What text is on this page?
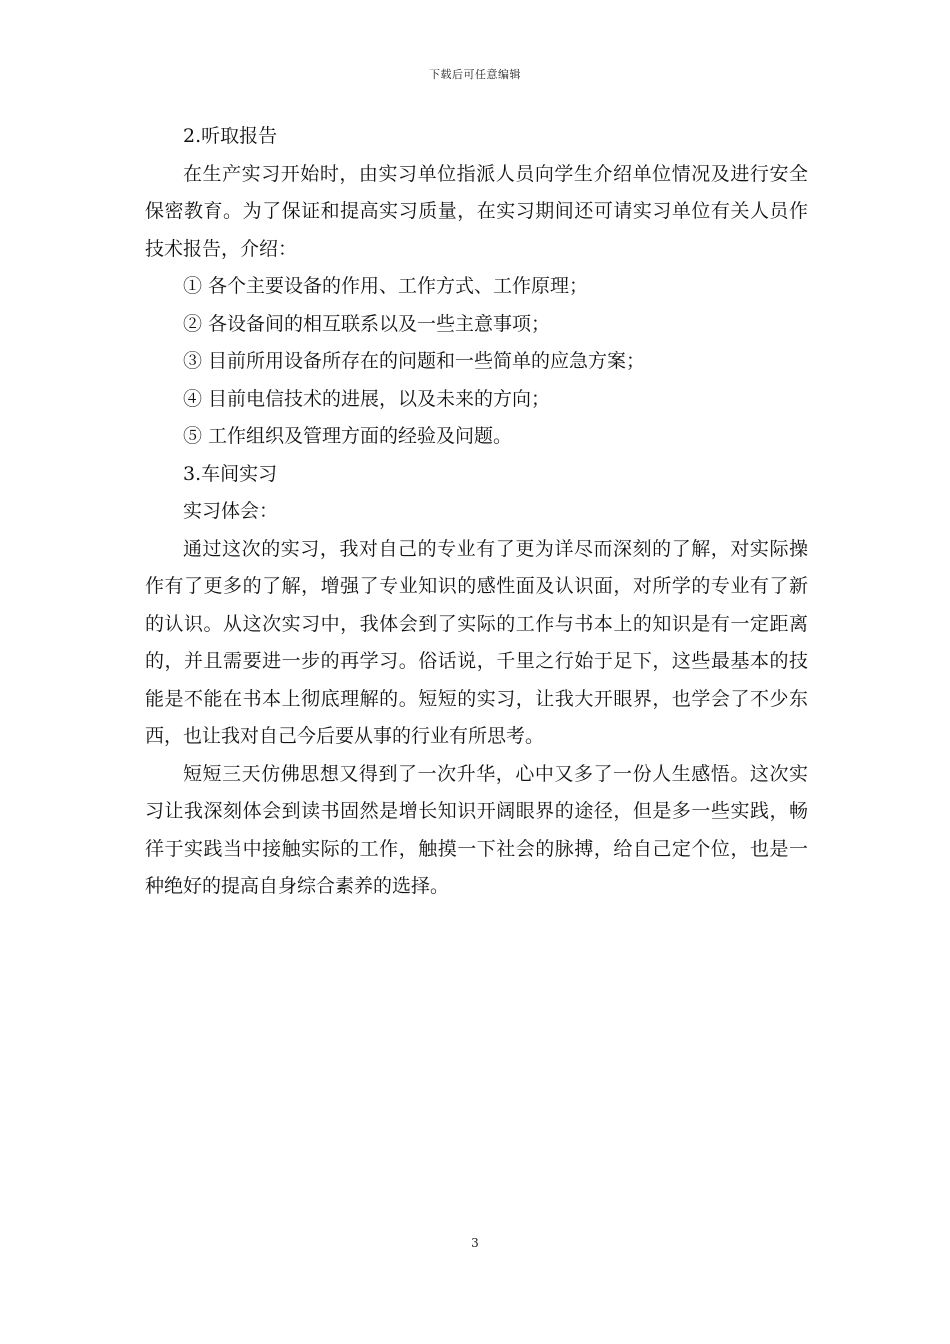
下载后可任意编辑

2.听取报告

在生产实习开始时，由实习单位指派人员向学生介绍单位情况及进行安全保密教育。为了保证和提高实习质量，在实习期间还可请实习单位有关人员作技术报告，介绍：

① 各个主要设备的作用、工作方式、工作原理；

② 各设备间的相互联系以及一些主意事项；

③ 目前所用设备所存在的问题和一些简单的应急方案；

④ 目前电信技术的进展，以及未来的方向；

⑤ 工作组织及管理方面的经验及问题。

3.车间实习

实习体会：

通过这次的实习，我对自己的专业有了更为详尽而深刻的了解，对实际操作有了更多的了解，增强了专业知识的感性面及认识面，对所学的专业有了新的认识。从这次实习中，我体会到了实际的工作与书本上的知识是有一定距离的，并且需要进一步的再学习。俗话说，千里之行始于足下，这些最基本的技能是不能在书本上彻底理解的。短短的实习，让我大开眼界，也学会了不少东西，也让我对自己今后要从事的行业有所思考。

短短三天仿佛思想又得到了一次升华，心中又多了一份人生感悟。这次实习让我深刻体会到读书固然是增长知识开阔眼界的途径，但是多一些实践，畅徉于实践当中接触实际的工作，触摸一下社会的脉搏，给自己定个位，也是一种绝好的提高自身综合素养的选择。

3
